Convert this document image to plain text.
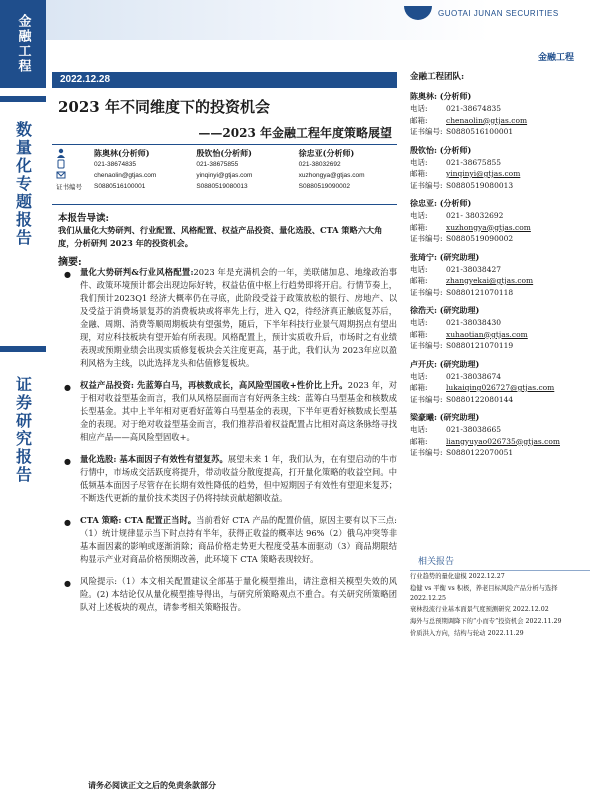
金融工程
数量化专题报告
证券研究报告
GUOTAI JUNAN SECURITIES
金融工程
2022.12.28
2023 年不同维度下的投资机会
——2023 年金融工程年度策略展望
陈奥林(分析师)	殷钦怡(分析师)	徐忠亚(分析师)
021-38674835	021-38675855	021-38032692
chenaolin@gtjas.com	yinqinyi@gtjas.com	xuzhongya@gtjas.com
证书编号	S0880516100001	S0880519080013	S0880519090002
本报告导读:
我们从量化大势研判、行业配置、风格配置、权益产品投资、量化选股、CTA 策略六大角度，分析研判 2023 年的投资机会。
摘要:
● 量化大势研判&行业风格配置:2023 年是充满机会的一年，美联储加息、地缘政治事件、政策环境预计都会出现边际好转，权益估值中枢上行趋势即将开启。行情节奏上，我们预计2023Q1 经济大概率仍在寻底，此阶段受益于政策放松的银行、房地产、以及受益于消费场景复苏的消费板块或将率先上行，进入 Q2，待经济真正触底复苏后，金融、周期、消费等顺周期板块有望强势，随后，下半年科技行业景气周期拐点有望出现，对应科技板块有望开始有所表现。风格配置上，预计实质收升后，市场时之有业绩表现或预期业绩会出现实质修复板块会关注度更高，基于此，我们认为 2023年应以盈利风格为主线，以此选择龙头和估值修复板块。
● 权益产品投资: 先蓝筹白马，再核数成长，高风险型国收+性价比上升。2023 年，对于相对收益型基金而言，我们从风格层面而言有好两条主线：蓝筹白马型基金和核数成长型基金。其中上半年相对更看好蓝筹白马型基金的表现，下半年更看好核数成长型基金的表现。对于绝对收益型基金而言，我们推荐沿着权益配置占比相对高这条脉络寻找相应产品——高风险型固收+。
● 量化选股: 基本面因子有效性有望复苏。展望未来 1 年，我们认为，在有望启动的牛市行情中，市场成交活跃度将提升，带动收益分散度提高，打开量化策略的收益空间。中低频基本面因子尽管存在长期有效性降低的趋势，但中短期因子有效性有望迎来复苏；不断迭代更新的量价技术类因子仍将持续贡献超额收益。
● CTA 策略: CTA 配置正当时。当前看好 CTA 产品的配置价值，原因主要有以下三点:（1）统计规律显示当下时点持有半年，获得正收益的概率达 96%（2）俄乌冲突等非基本面因素的影响或逐渐消除；商品价格走势更大程度受基本面驱动（3）商品期限结构显示产业对商品价格预期改善，此环境下 CTA 策略表现较好。
● 风险提示:（1）本文相关配置建议全部基于量化模型推出，请注意相关模型失效的风险。(2) 本结论仅从量化模型推导得出，与研究所策略观点不重合。有关研究所策略团队对上述板块的观点，请参考相关策略报告。
金融工程团队:
陈奥林: (分析师)
电话:	021-38674835
邮箱:	chenaolin@gtjas.com
证书编号: S0880516100001
殷钦怡: (分析师)
电话:	021-38675855
邮箱:	yinqinyi@gtjas.com
证书编号: S0880519080013
徐忠亚: (分析师)
电话:	021- 38032692
邮箱:	xuzhongya@gtjas.com
证书编号: S0880519090002
张琦宁: (研究助理)
电话:	021-38038427
邮箱:	zhangyekai@gtjas.com
证书编号: S0880121070118
徐浩天: (研究助理)
电话:	021-38038430
邮箱:	xuhaotian@gtjas.com
证书编号: S0880121070119
卢开庆: (研究助理)
电话:	021-38038674
邮箱:	lukaiqing026727@gtjas.com
证书编号: S0880122080144
梁豪曦: (研究助理)
电话:	021-38038665
邮箱:	liangyuyao026735@gtjas.com
证书编号: S0880122070051
相关报告
行业趋势的量化建模 2022.12.27
稳健 vs 平衡 vs 积极，养老目标风险产品分析与选择 2022.12.25
衰林投流行业基本面景气度预测研究 2022.12.02
海外与总预期调降下的“小而专”投资机会 2022.11.29
价质洪入方向，结构与轮动 2022.11.29
请务必阅读正文之后的免责条款部分
